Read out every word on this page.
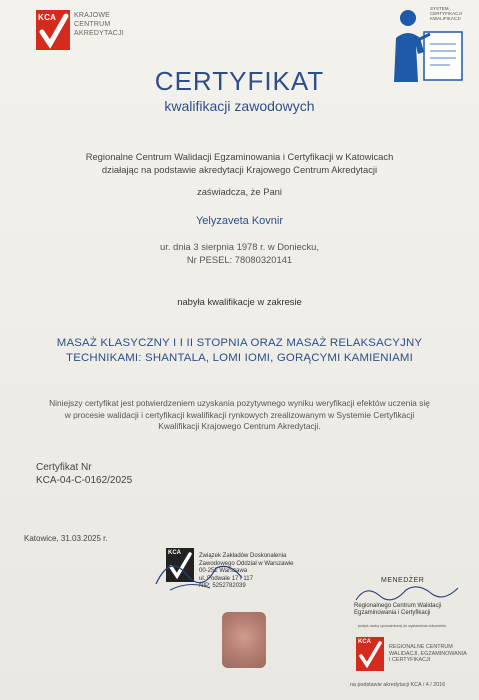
KCA	KRAJOWE
CENTRUM
AKREDYTACJI
SYSTEM
CERTYFIKACJI
KWALIFIKACJI
CERTYFIKAT
kwalifikacji zawodowych
Regionalne Centrum Walidacji Egzaminowania i Certyfikacji w Katowicach
działając na podstawie akredytacji Krajowego Centrum Akredytacji
zaświadcza, że Pani
Yelyzaveta Kovnir
ur. dnia 3 sierpnia 1978 r. w Doniecku,
Nr PESEL: 78080320141
nabyła kwalifikacje w zakresie
MASAŻ KLASYCZNY I I II STOPNIA ORAZ MASAŻ RELAKSACYJNY
TECHNIKAMI: SHANTALA, LOMI IOMI, GORĄCYMI KAMIENIAMI
Niniejszy certyfikat jest potwierdzeniem uzyskania pozytywnego wyniku weryfikacji efektów uczenia się
w procesie walidacji i certyfikacji kwalifikacji rynkowych zrealizowanym w Systemie Certyfikacji
Kwalifikacji Krajowego Centrum Akredytacji.
Certyfikat Nr
KCA-04-C-0162/2025
Katowice, 31.03.2025 r.
KCA	Związek Zakładów Doskonalenia
Zawodowego Oddział w Warszawie
00-252 Warszawa
ul. Podwale 17 / 117
NIP: 5252782039
MENEDŻER
Regionalnego Centrum Walidacji
Egzaminowania i Certyfikacji
podpis osoby upoważnionej do wystawienia dokumentu
KCA
REGIONALNE CENTRUM
WALIDACJI, EGZAMINOWANIA
I CERTYFIKACJI
na podstawie akredytacji KCA / 4 / 2016
